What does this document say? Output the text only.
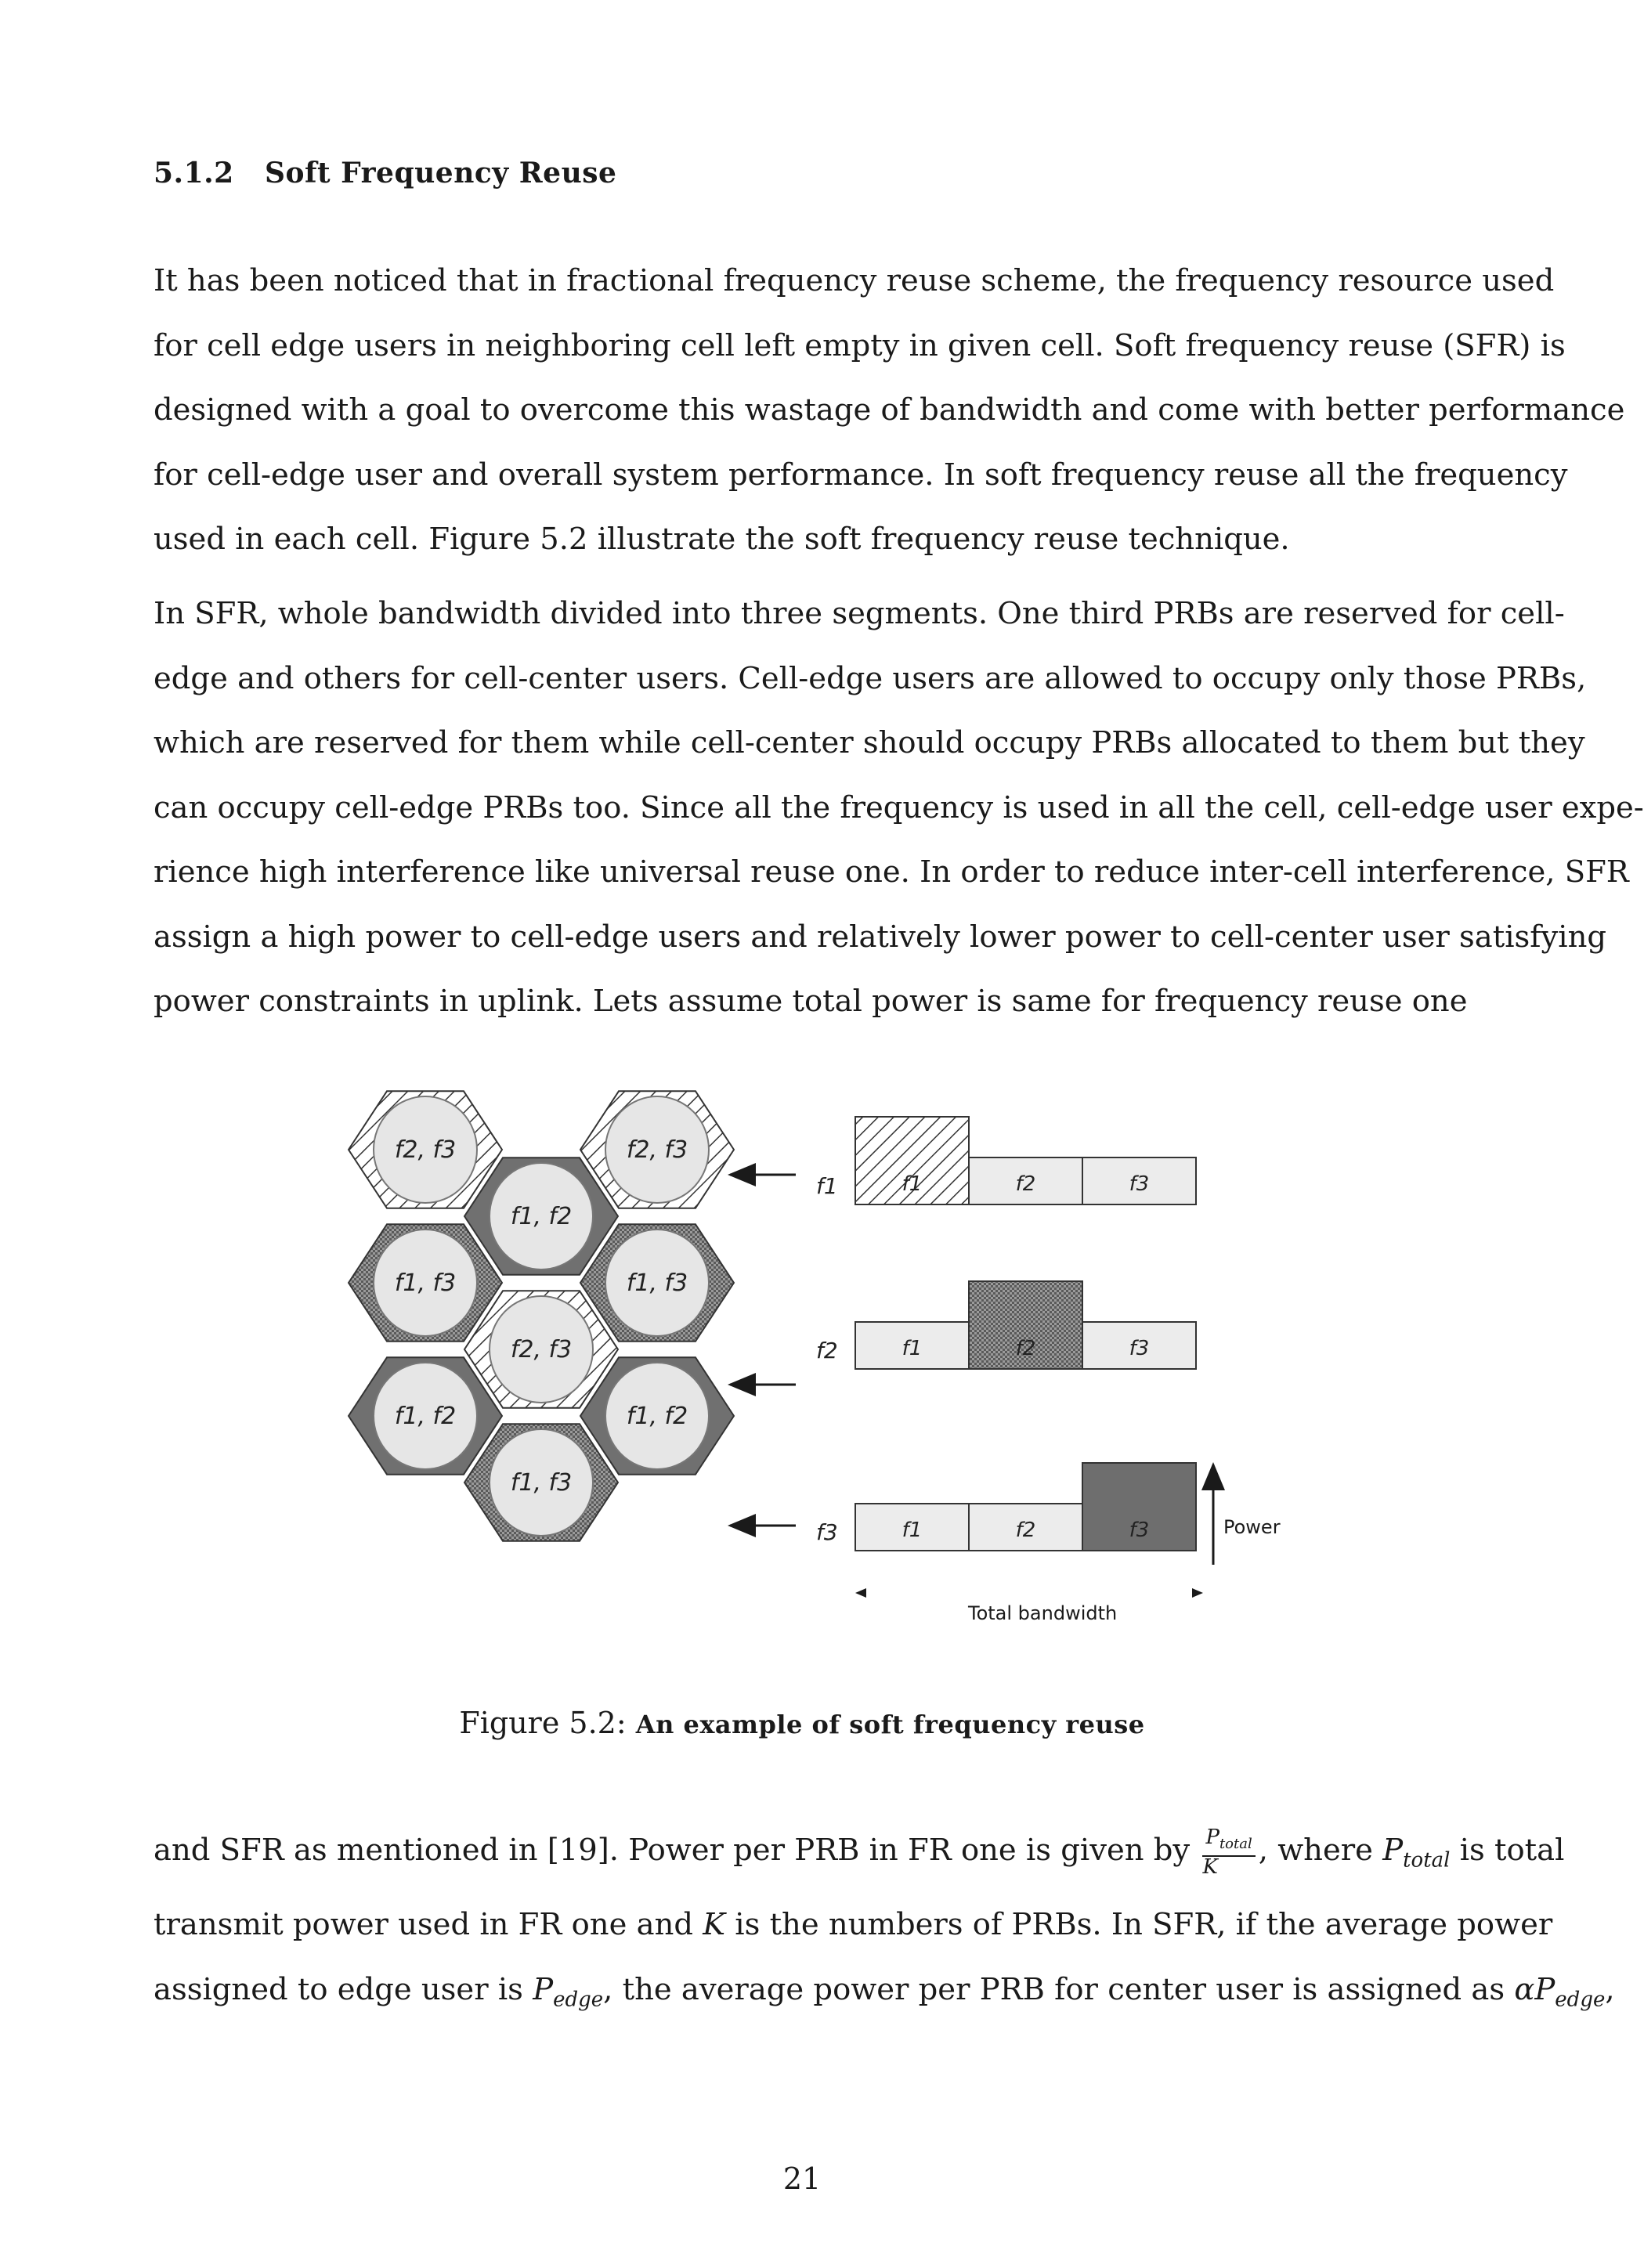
5.1.2 Soft Frequency Reuse
It has been noticed that in fractional frequency reuse scheme, the frequency resource used
for cell edge users in neighboring cell left empty in given cell. Soft frequency reuse (SFR) is
designed with a goal to overcome this wastage of bandwidth and come with better performance
for cell-edge user and overall system performance. In soft frequency reuse all the frequency
used in each cell. Figure 5.2 illustrate the soft frequency reuse technique.
In SFR, whole bandwidth divided into three segments. One third PRBs are reserved for cell-
edge and others for cell-center users. Cell-edge users are allowed to occupy only those PRBs,
which are reserved for them while cell-center should occupy PRBs allocated to them but they
can occupy cell-edge PRBs too. Since all the frequency is used in all the cell, cell-edge user expe-
rience high interference like universal reuse one. In order to reduce inter-cell interference, SFR
assign a high power to cell-edge users and relatively lower power to cell-center user satisfying
power constraints in uplink. Lets assume total power is same for frequency reuse one
f2, f3	f2, f3
f1, f2
f1, f3	f1, f3
f2, f3
f1, f2	f1, f2
f1, f3
f1	f1	f2	f3
f2	f1	f2	f3
f3	f1	f2	f3	Power
Total bandwidth
Figure 5.2: An example of soft frequency reuse
and SFR as mentioned in [19]. Power per PRB in FR one is given by $\frac{P_{total}}{K}$ , where $P_{total}$ is total
transmit power used in FR one and K is the numbers of PRBs. In SFR, if the average power
assigned to edge user is $P_{edge}$, the average power per PRB for center user is assigned as $\alpha P_{edge}$,
21
